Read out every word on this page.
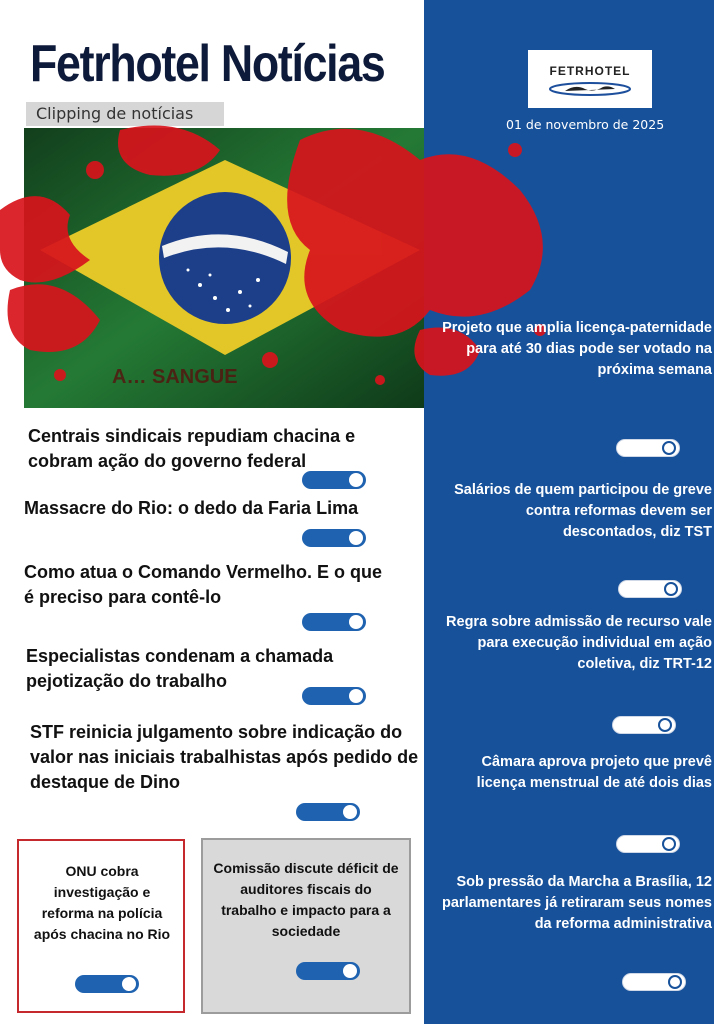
Fetrhotel Notícias
Clipping de notícias
FETRHOTEL
01 de novembro de 2025
A… SANGUE

Centrais sindicais repudiam chacina e cobram ação do governo federal

Massacre do Rio: o dedo da Faria Lima

Como atua o Comando Vermelho. E o que é preciso para contê-lo

Especialistas condenam a chamada pejotização do trabalho

STF reinicia julgamento sobre indicação do valor nas iniciais trabalhistas após pedido de destaque de Dino

ONU cobra investigação e reforma na polícia após chacina no Rio

Comissão discute déficit de auditores fiscais do trabalho e impacto para a sociedade

Projeto que amplia licença-paternidade para até 30 dias pode ser votado na próxima semana

Salários de quem participou de greve contra reformas devem ser descontados, diz TST

Regra sobre admissão de recurso vale para execução individual em ação coletiva, diz TRT-12

Câmara aprova projeto que prevê licença menstrual de até dois dias

Sob pressão da Marcha a Brasília, 12 parlamentares já retiraram seus nomes da reforma administrativa
